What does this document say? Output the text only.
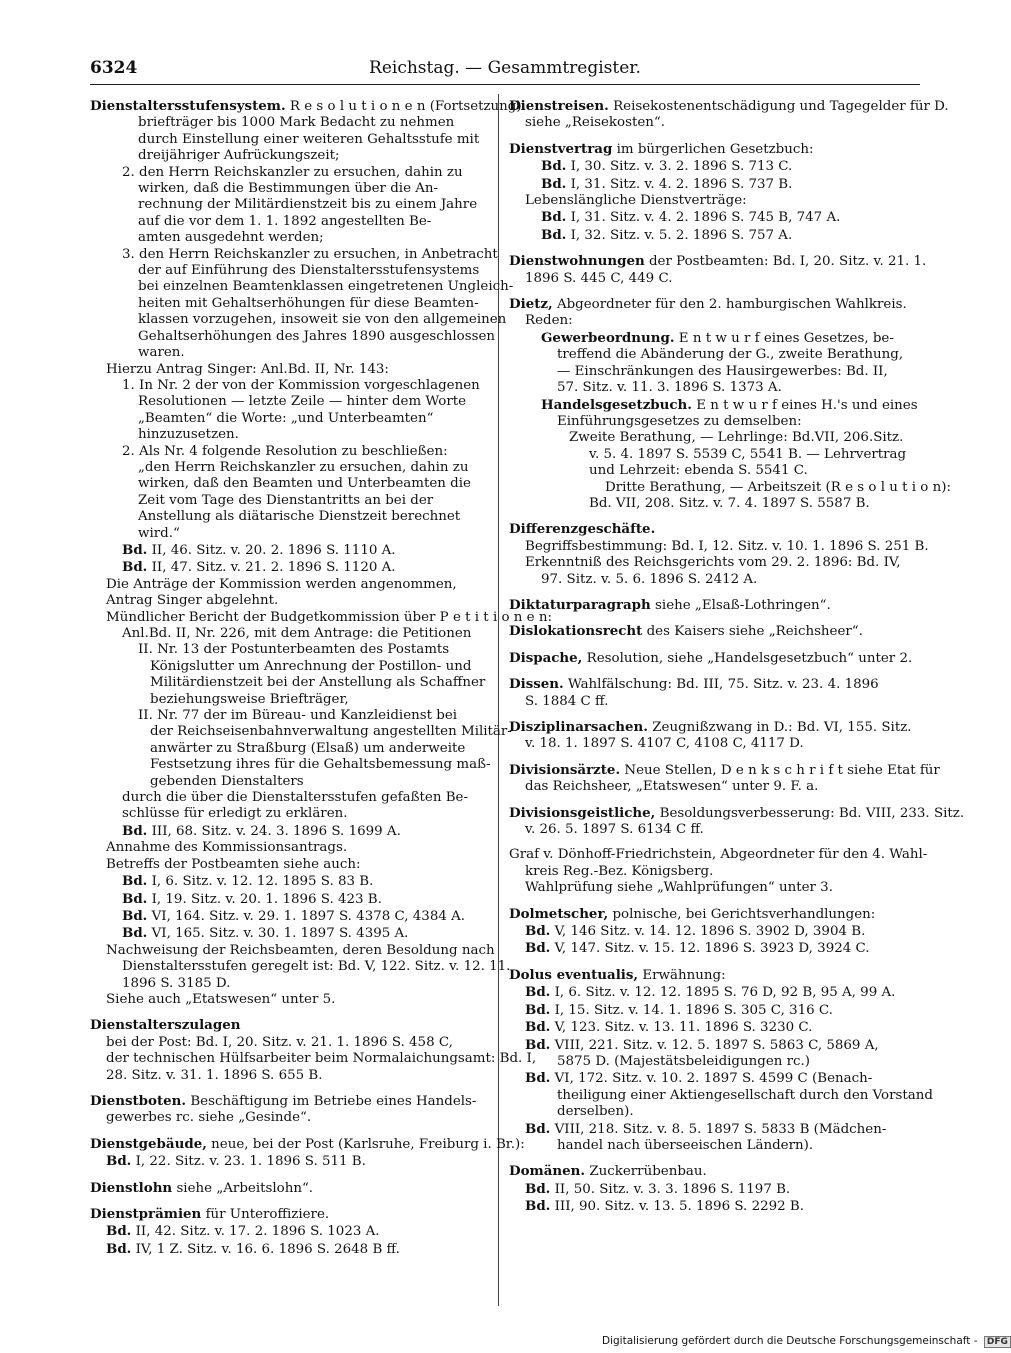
6324	Reichstag. — Gesammtregister.
Dienstaltersstufensystem. R e s o l u t i o n e n (Fortsetzung).
briefträger bis 1000 Mark Bedacht zu nehmen
durch Einstellung einer weiteren Gehaltsstufe mit
dreijähriger Aufrückungszeit;
2. den Herrn Reichskanzler zu ersuchen, dahin zu
wirken, daß die Bestimmungen über die An-
rechnung der Militärdienstzeit bis zu einem Jahre
auf die vor dem 1. 1. 1892 angestellten Be-
amten ausgedehnt werden;
3. den Herrn Reichskanzler zu ersuchen, in Anbetracht
der auf Einführung des Dienstaltersstufensystems
bei einzelnen Beamtenklassen eingetretenen Ungleich-
heiten mit Gehaltserhöhungen für diese Beamten-
klassen vorzugehen, insoweit sie von den allgemeinen
Gehaltserhöhungen des Jahres 1890 ausgeschlossen
waren.
Hierzu Antrag Singer: Anl.Bd. II, Nr. 143:
1. In Nr. 2 der von der Kommission vorgeschlagenen
Resolutionen — letzte Zeile — hinter dem Worte
„Beamten“ die Worte: „und Unterbeamten“
hinzuzusetzen.
2. Als Nr. 4 folgende Resolution zu beschließen:
„den Herrn Reichskanzler zu ersuchen, dahin zu
wirken, daß den Beamten und Unterbeamten die
Zeit vom Tage des Dienstantritts an bei der
Anstellung als diätarische Dienstzeit berechnet
wird.“
Bd. II, 46. Sitz. v. 20. 2. 1896 S. 1110 A.
Bd. II, 47. Sitz. v. 21. 2. 1896 S. 1120 A.
Die Anträge der Kommission werden angenommen,
Antrag Singer abgelehnt.
Mündlicher Bericht der Budgetkommission über P e t i t i o n e n:
Anl.Bd. II, Nr. 226, mit dem Antrage: die Petitionen
II. Nr. 13 der Postunterbeamten des Postamts
Königslutter um Anrechnung der Postillon- und
Militärdienstzeit bei der Anstellung als Schaffner
beziehungsweise Briefträger,
II. Nr. 77 der im Büreau- und Kanzleidienst bei
der Reichseisenbahnverwaltung angestellten Militär-
anwärter zu Straßburg (Elsaß) um anderweite
Festsetzung ihres für die Gehaltsbemessung maß-
gebenden Dienstalters
durch die über die Dienstaltersstufen gefaßten Be-
schlüsse für erledigt zu erklären.
Bd. III, 68. Sitz. v. 24. 3. 1896 S. 1699 A.
Annahme des Kommissionsantrags.
Betreffs der Postbeamten siehe auch:
Bd. I, 6. Sitz. v. 12. 12. 1895 S. 83 B.
Bd. I, 19. Sitz. v. 20. 1. 1896 S. 423 B.
Bd. VI, 164. Sitz. v. 29. 1. 1897 S. 4378 C, 4384 A.
Bd. VI, 165. Sitz. v. 30. 1. 1897 S. 4395 A.
Nachweisung der Reichsbeamten, deren Besoldung nach
Dienstaltersstufen geregelt ist: Bd. V, 122. Sitz. v. 12. 11.
1896 S. 3185 D.
Siehe auch „Etatswesen“ unter 5.
Dienstalterszulagen
bei der Post: Bd. I, 20. Sitz. v. 21. 1. 1896 S. 458 C,
der technischen Hülfsarbeiter beim Normalaichungsamt: Bd. I,
28. Sitz. v. 31. 1. 1896 S. 655 B.
Dienstboten. Beschäftigung im Betriebe eines Handels-
gewerbes rc. siehe „Gesinde“.
Dienstgebäude, neue, bei der Post (Karlsruhe, Freiburg i. Br.):
Bd. I, 22. Sitz. v. 23. 1. 1896 S. 511 B.
Dienstlohn siehe „Arbeitslohn“.
Dienstprämien für Unteroffiziere.
Bd. II, 42. Sitz. v. 17. 2. 1896 S. 1023 A.
Bd. IV, 1 Z. Sitz. v. 16. 6. 1896 S. 2648 B ff.
Dienstreisen. Reisekostenentschädigung und Tagegelder für D.
siehe „Reisekosten“.
Dienstvertrag im bürgerlichen Gesetzbuch:
Bd. I, 30. Sitz. v. 3. 2. 1896 S. 713 C.
Bd. I, 31. Sitz. v. 4. 2. 1896 S. 737 B.
Lebenslängliche Dienstverträge:
Bd. I, 31. Sitz. v. 4. 2. 1896 S. 745 B, 747 A.
Bd. I, 32. Sitz. v. 5. 2. 1896 S. 757 A.
Dienstwohnungen der Postbeamten: Bd. I, 20. Sitz. v. 21. 1.
1896 S. 445 C, 449 C.
Dietz, Abgeordneter für den 2. hamburgischen Wahlkreis.
Reden:
Gewerbeordnung. E n t w u r f eines Gesetzes, be-
treffend die Abänderung der G., zweite Berathung,
— Einschränkungen des Hausirgewerbes: Bd. II,
57. Sitz. v. 11. 3. 1896 S. 1373 A.
Handelsgesetzbuch. E n t w u r f eines H.'s und eines
Einführungsgesetzes zu demselben:
Zweite Berathung, — Lehrlinge: Bd.VII, 206.Sitz.
v. 5. 4. 1897 S. 5539 C, 5541 B. — Lehrvertrag
und Lehrzeit: ebenda S. 5541 C.
Dritte Berathung, — Arbeitszeit (R e s o l u t i o n):
Bd. VII, 208. Sitz. v. 7. 4. 1897 S. 5587 B.
Differenzgeschäfte.
Begriffsbestimmung: Bd. I, 12. Sitz. v. 10. 1. 1896 S. 251 B.
Erkenntniß des Reichsgerichts vom 29. 2. 1896: Bd. IV,
97. Sitz. v. 5. 6. 1896 S. 2412 A.
Diktaturparagraph siehe „Elsaß-Lothringen“.
Dislokationsrecht des Kaisers siehe „Reichsheer“.
Dispache, Resolution, siehe „Handelsgesetzbuch“ unter 2.
Dissen. Wahlfälschung: Bd. III, 75. Sitz. v. 23. 4. 1896
S. 1884 C ff.
Disziplinarsachen. Zeugnißzwang in D.: Bd. VI, 155. Sitz.
v. 18. 1. 1897 S. 4107 C, 4108 C, 4117 D.
Divisionsärzte. Neue Stellen, D e n k s c h r i f t siehe Etat für
das Reichsheer, „Etatswesen“ unter 9. F. a.
Divisionsgeistliche, Besoldungsverbesserung: Bd. VIII, 233. Sitz.
v. 26. 5. 1897 S. 6134 C ff.
Graf v. Dönhoff-Friedrichstein, Abgeordneter für den 4. Wahl-
kreis Reg.-Bez. Königsberg.
Wahlprüfung siehe „Wahlprüfungen“ unter 3.
Dolmetscher, polnische, bei Gerichtsverhandlungen:
Bd. V, 146 Sitz. v. 14. 12. 1896 S. 3902 D, 3904 B.
Bd. V, 147. Sitz. v. 15. 12. 1896 S. 3923 D, 3924 C.
Dolus eventualis, Erwähnung:
Bd. I, 6. Sitz. v. 12. 12. 1895 S. 76 D, 92 B, 95 A, 99 A.
Bd. I, 15. Sitz. v. 14. 1. 1896 S. 305 C, 316 C.
Bd. V, 123. Sitz. v. 13. 11. 1896 S. 3230 C.
Bd. VIII, 221. Sitz. v. 12. 5. 1897 S. 5863 C, 5869 A,
5875 D. (Majestätsbeleidigungen rc.)
Bd. VI, 172. Sitz. v. 10. 2. 1897 S. 4599 C (Benach-
theiligung einer Aktiengesellschaft durch den Vorstand
derselben).
Bd. VIII, 218. Sitz. v. 8. 5. 1897 S. 5833 B (Mädchen-
handel nach überseeischen Ländern).
Domänen. Zuckerrübenbau.
Bd. II, 50. Sitz. v. 3. 3. 1896 S. 1197 B.
Bd. III, 90. Sitz. v. 13. 5. 1896 S. 2292 B.
Digitalisierung gefördert durch die Deutsche Forschungsgemeinschaft - DFG
